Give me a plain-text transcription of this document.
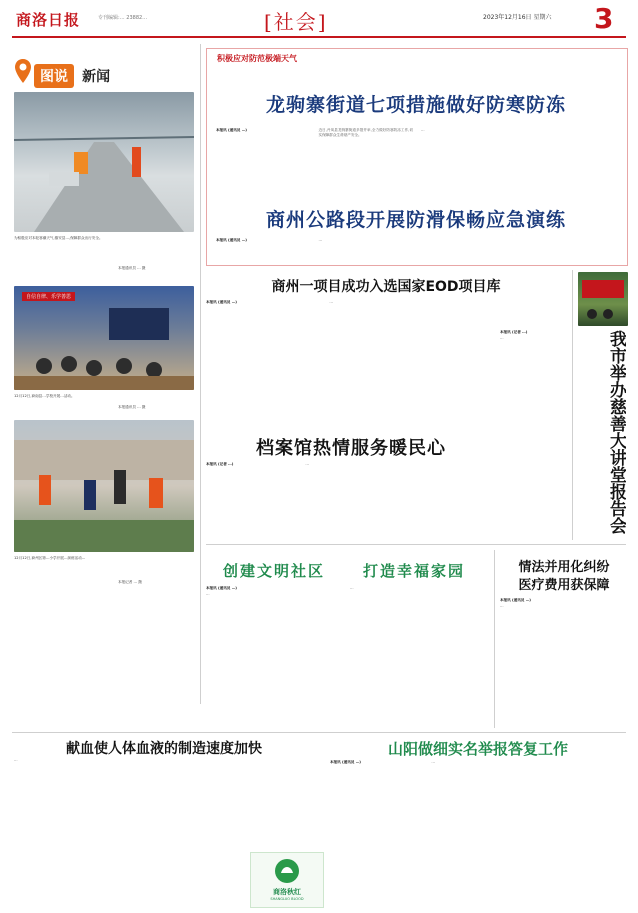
商洛日报	专刊编辑:… 23882…	[社会]	2023年12月16日 星期六 3
图说 新闻
为积极应对本轮寒潮天气,镇安县…,保障群众出行安全。
本报通讯员 … 摄
自信自律、乐学善思
12月12日,商南县…学校开展…活动。
本报通讯员 … 摄
12月12日,商州区第…小学开展…演练活动…
本报记者 … 摄
积极应对防范极端天气
龙驹寨街道七项措施做好防寒防冻
本报讯 (通讯员 …)	近日,丹凤县龙驹寨街道多措并举,全力做好防寒防冻工作,切实保障群众生命财产安全。
…
商州公路段开展防滑保畅应急演练
本报讯 (通讯员 …)	…
商州一项目成功入选国家EOD项目库
本报讯 (通讯员 …)	…
我市举办慈善大讲堂报告会
本报讯 (记者 …)
…
档案馆热情服务暖民心
本报讯 (记者 …)	…
创建文明社区	打造幸福家园
本报讯 (通讯员 …)
…
…
情法并用化纠纷
医疗费用获保障
本报讯 (通讯员 …)
…
献血使人体血液的制造速度加快
…
商洛秋红
SHANGLUO BLOOD
山阳做细实名举报答复工作
本报讯 (通讯员 …)	…
